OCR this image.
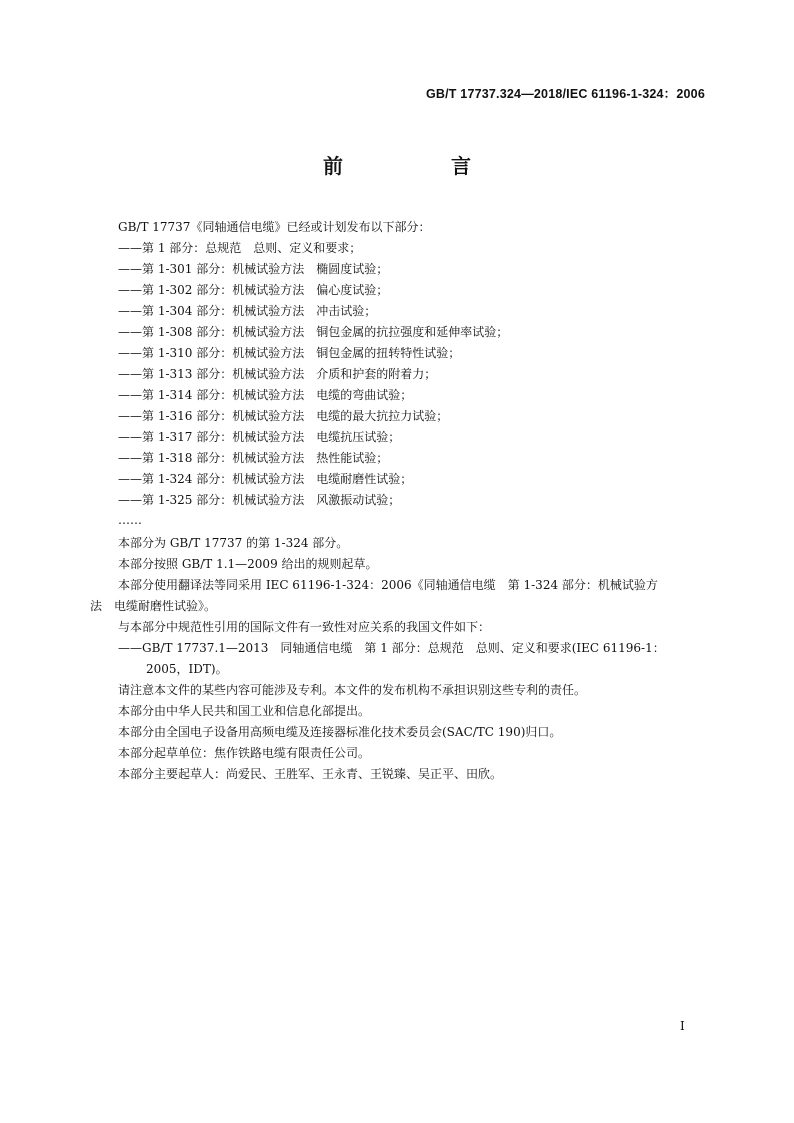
GB/T 17737.324—2018/IEC 61196-1-324：2006
前　言
GB/T 17737《同轴通信电缆》已经或计划发布以下部分：
——第 1 部分：总规范　总则、定义和要求；
——第 1-301 部分：机械试验方法　椭圆度试验；
——第 1-302 部分：机械试验方法　偏心度试验；
——第 1-304 部分：机械试验方法　冲击试验；
——第 1-308 部分：机械试验方法　铜包金属的抗拉强度和延伸率试验；
——第 1-310 部分：机械试验方法　铜包金属的扭转特性试验；
——第 1-313 部分：机械试验方法　介质和护套的附着力；
——第 1-314 部分：机械试验方法　电缆的弯曲试验；
——第 1-316 部分：机械试验方法　电缆的最大抗拉力试验；
——第 1-317 部分：机械试验方法　电缆抗压试验；
——第 1-318 部分：机械试验方法　热性能试验；
——第 1-324 部分：机械试验方法　电缆耐磨性试验；
——第 1-325 部分：机械试验方法　风激振动试验；
……
本部分为 GB/T 17737 的第 1-324 部分。
本部分按照 GB/T 1.1—2009 给出的规则起草。
本部分使用翻译法等同采用 IEC 61196-1-324：2006《同轴通信电缆　第 1-324 部分：机械试验方
法　电缆耐磨性试验》。
与本部分中规范性引用的国际文件有一致性对应关系的我国文件如下：
——GB/T 17737.1—2013　同轴通信电缆　第 1 部分：总规范　总则、定义和要求(IEC 61196-1：
2005，IDT)。
请注意本文件的某些内容可能涉及专利。本文件的发布机构不承担识别这些专利的责任。
本部分由中华人民共和国工业和信息化部提出。
本部分由全国电子设备用高频电缆及连接器标准化技术委员会(SAC/TC 190)归口。
本部分起草单位：焦作铁路电缆有限责任公司。
本部分主要起草人：尚爱民、王胜军、王永青、王锐臻、吴正平、田欣。
I
